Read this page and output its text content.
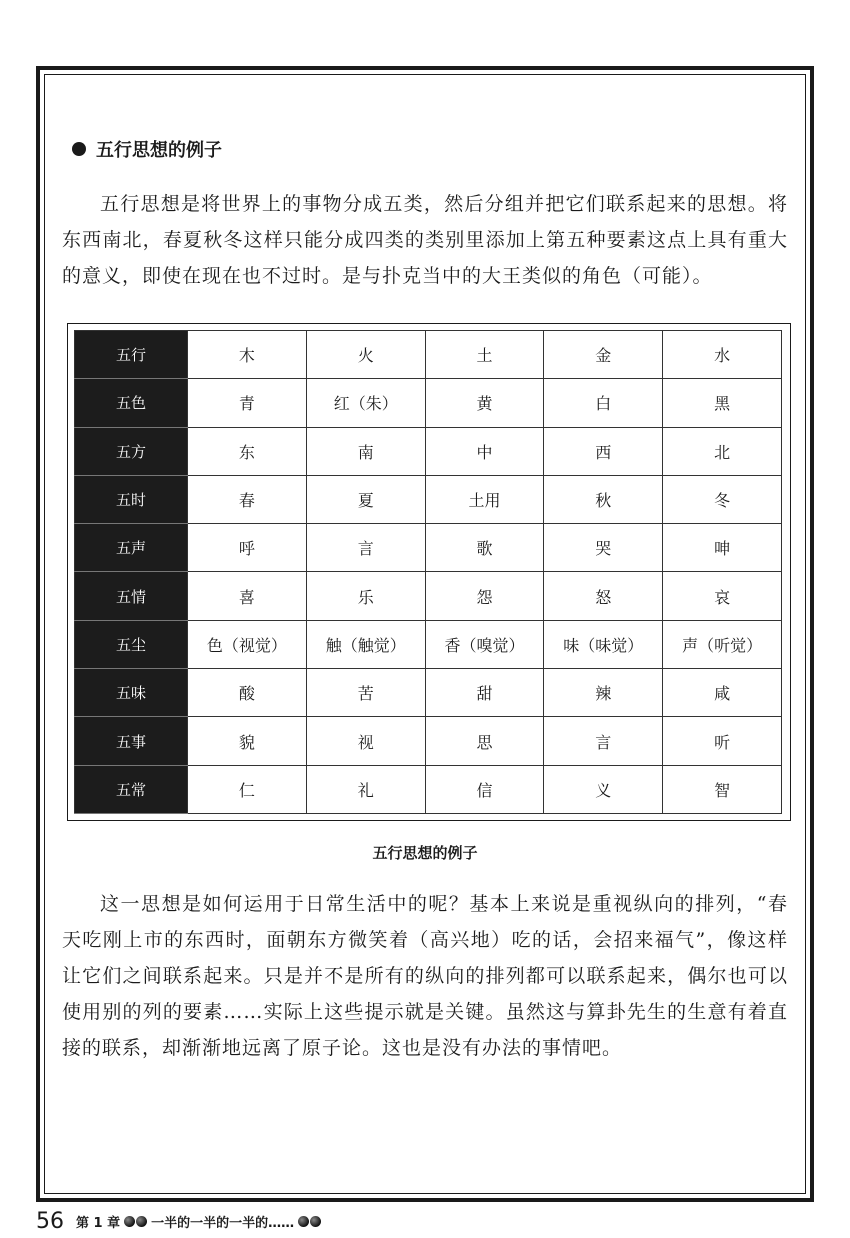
五行思想的例子

五行思想是将世界上的事物分成五类，然后分组并把它们联系起来的思想。将东西南北，春夏秋冬这样只能分成四类的类别里添加上第五种要素这点上具有重大的意义，即使在现在也不过时。是与扑克当中的大王类似的角色（可能）。

五行	木	火	土	金	水
五色	青	红（朱）	黄	白	黑
五方	东	南	中	西	北
五时	春	夏	土用	秋	冬
五声	呼	言	歌	哭	呻
五情	喜	乐	怨	怒	哀
五尘	色（视觉）	触（触觉）	香（嗅觉）	味（味觉）	声（听觉）
五味	酸	苦	甜	辣	咸
五事	貌	视	思	言	听
五常	仁	礼	信	义	智
五行思想的例子

这一思想是如何运用于日常生活中的呢？基本上来说是重视纵向的排列，“春天吃刚上市的东西时，面朝东方微笑着（高兴地）吃的话，会招来福气”，像这样让它们之间联系起来。只是并不是所有的纵向的排列都可以联系起来，偶尔也可以使用别的列的要素……实际上这些提示就是关键。虽然这与算卦先生的生意有着直接的联系，却渐渐地远离了原子论。这也是没有办法的事情吧。

56 第 1 章 一半的一半的一半的……
